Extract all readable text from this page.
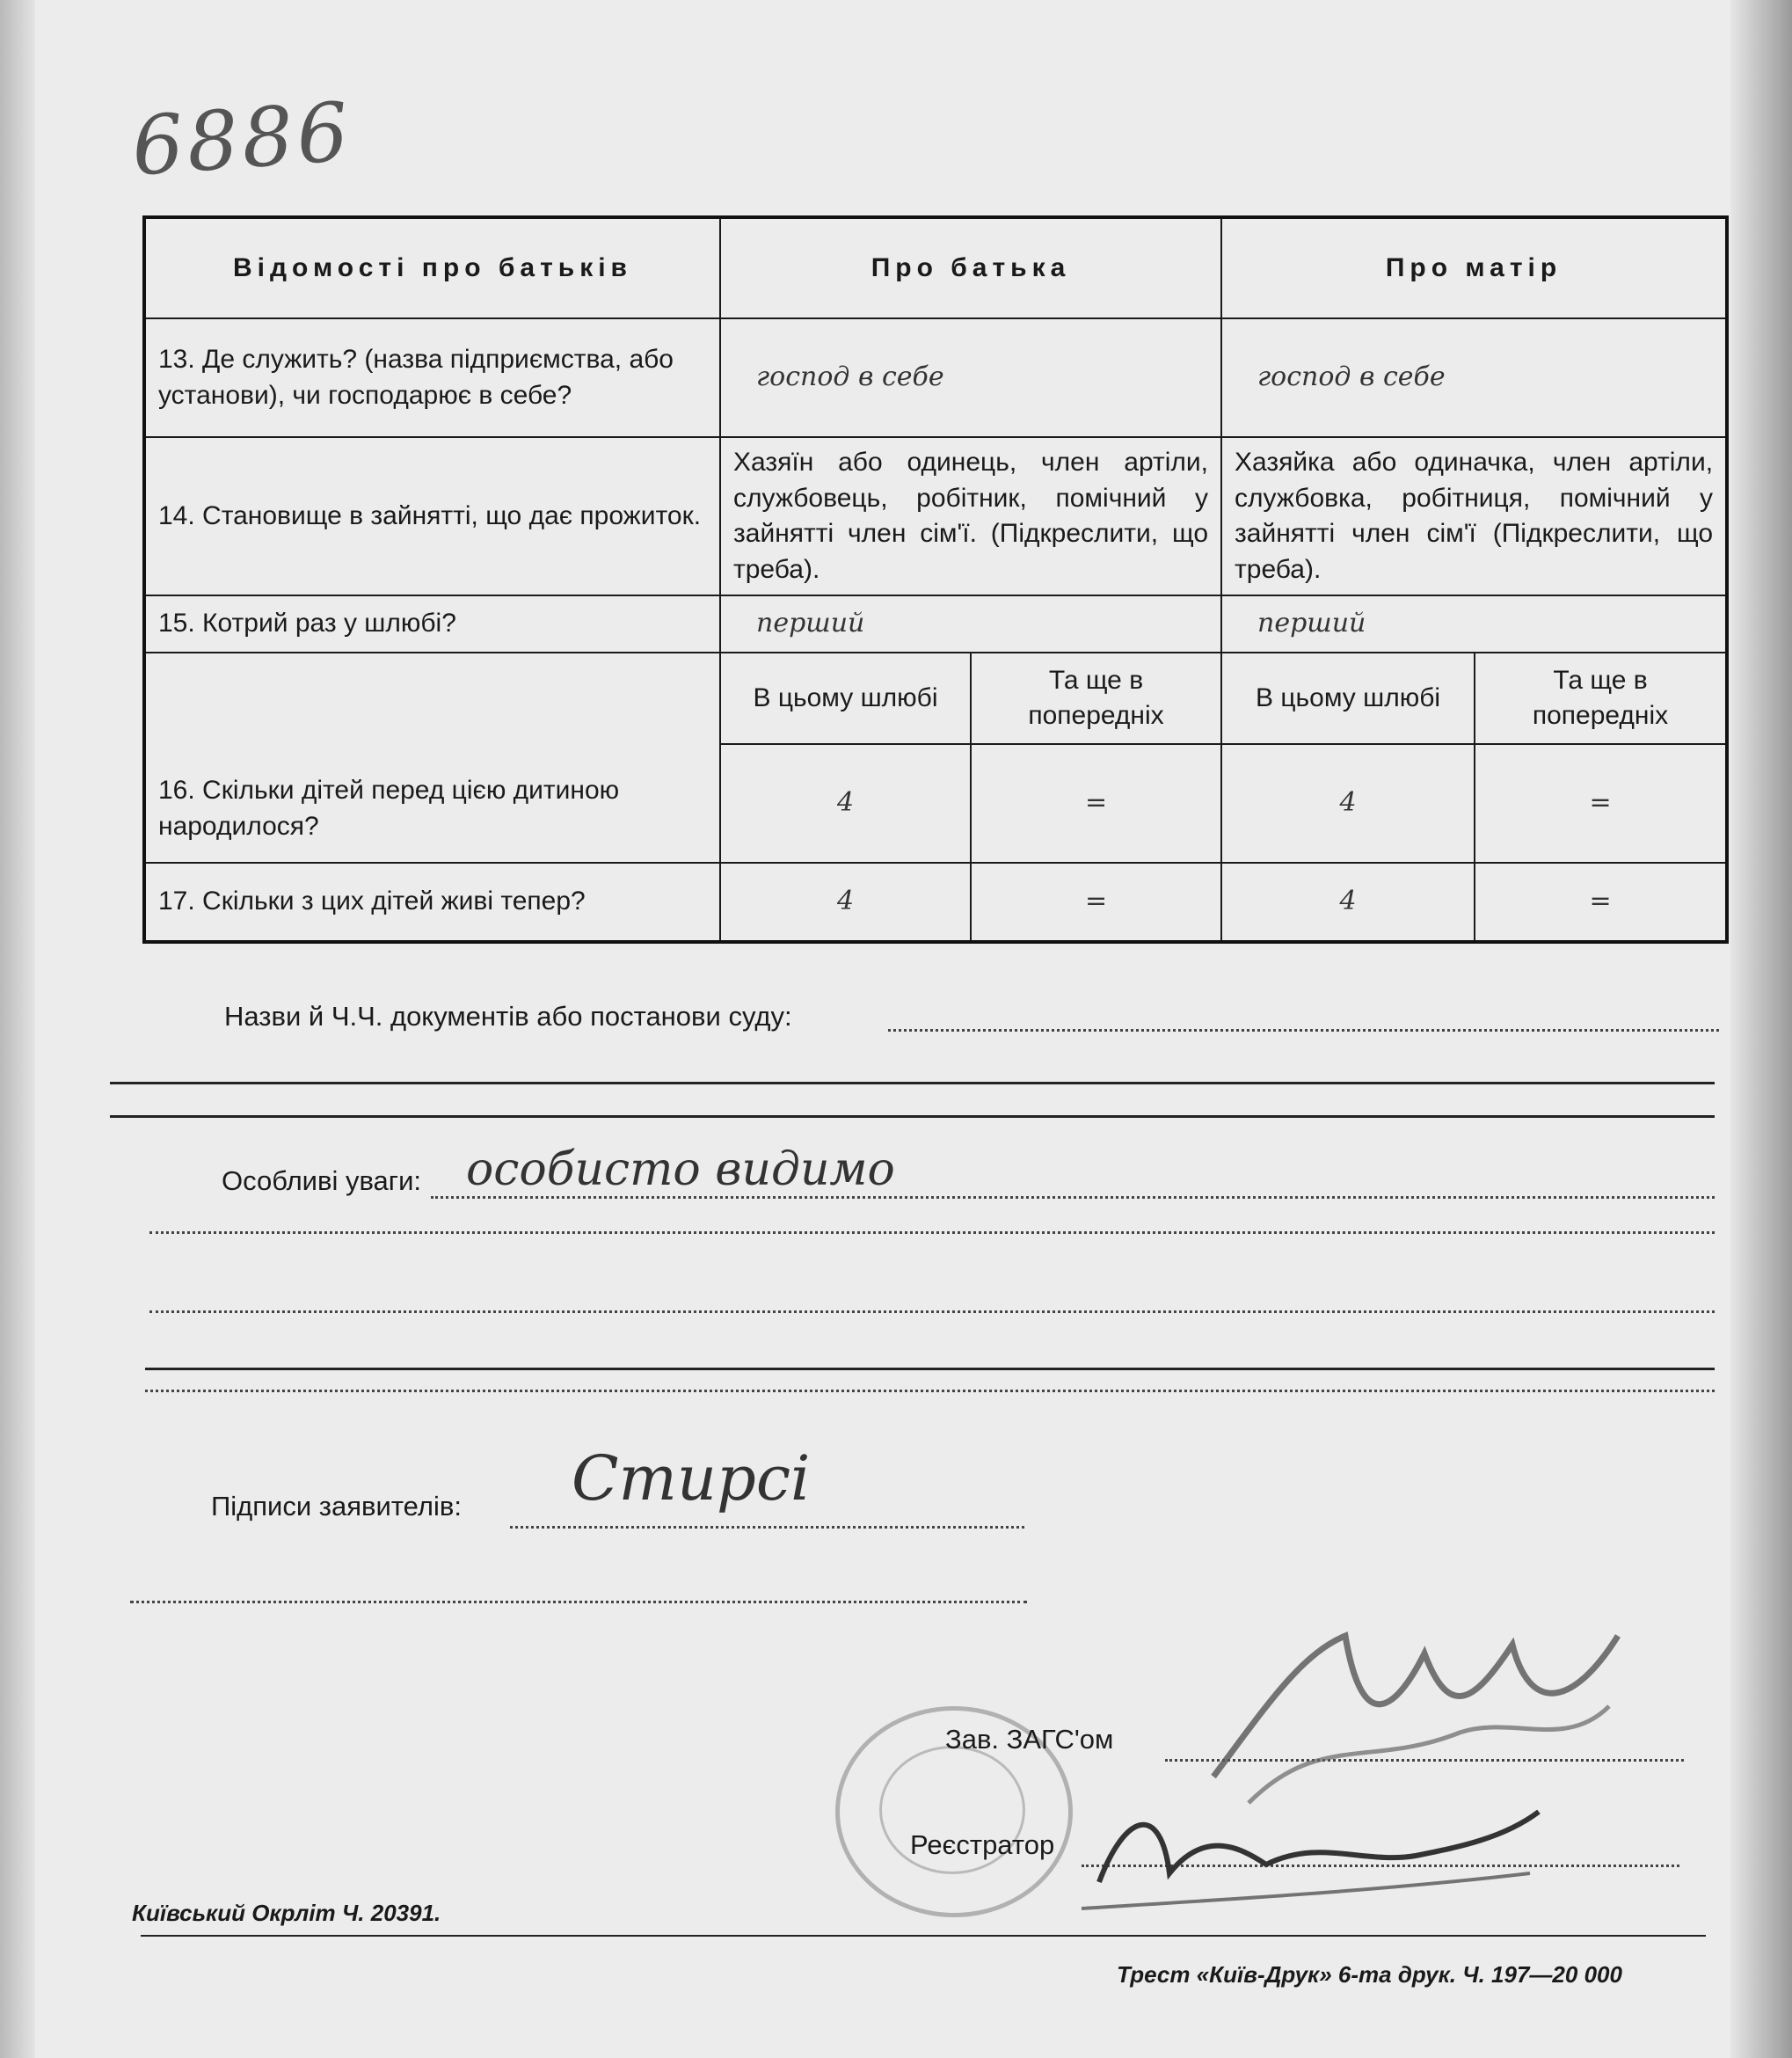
6886
Відомості про батьків	Про батька		Про матір	
13. Де служить? (назва підприємства, або установи), чи господарює в себе?	господ в себе		господ в себе	
14. Становище в зайнятті, що дає прожиток.	Хазяїн або одинець, член артіли, службовець, робітник, помічний у зайнятті член сім'ї. (Підкреслити, що треба).		Хазяйка або одиначка, член артіли, службовка, робітниця, помічний у зайнятті член сім'ї (Підкреслити, що треба).	
15. Котрий раз у шлюбі?	перший		перший	
16. Скільки дітей перед цією дитиною народилося?	В цьому шлюбі	Та ще в попередніх	В цьому шлюбі	Та ще в попередніх
	4	=	4	=
17. Скільки з цих дітей живі тепер?	4	=	4	=
Назви й Ч.Ч. документів або постанови суду:
Особливі уваги: особисто видимо
Підписи заявителів: Стирсі
Зав. ЗАГС'ом
Реєстратор
Київський Окрліт Ч. 20391.
Трест «Київ-Друк» 6-та друк. Ч. 197—20 000
